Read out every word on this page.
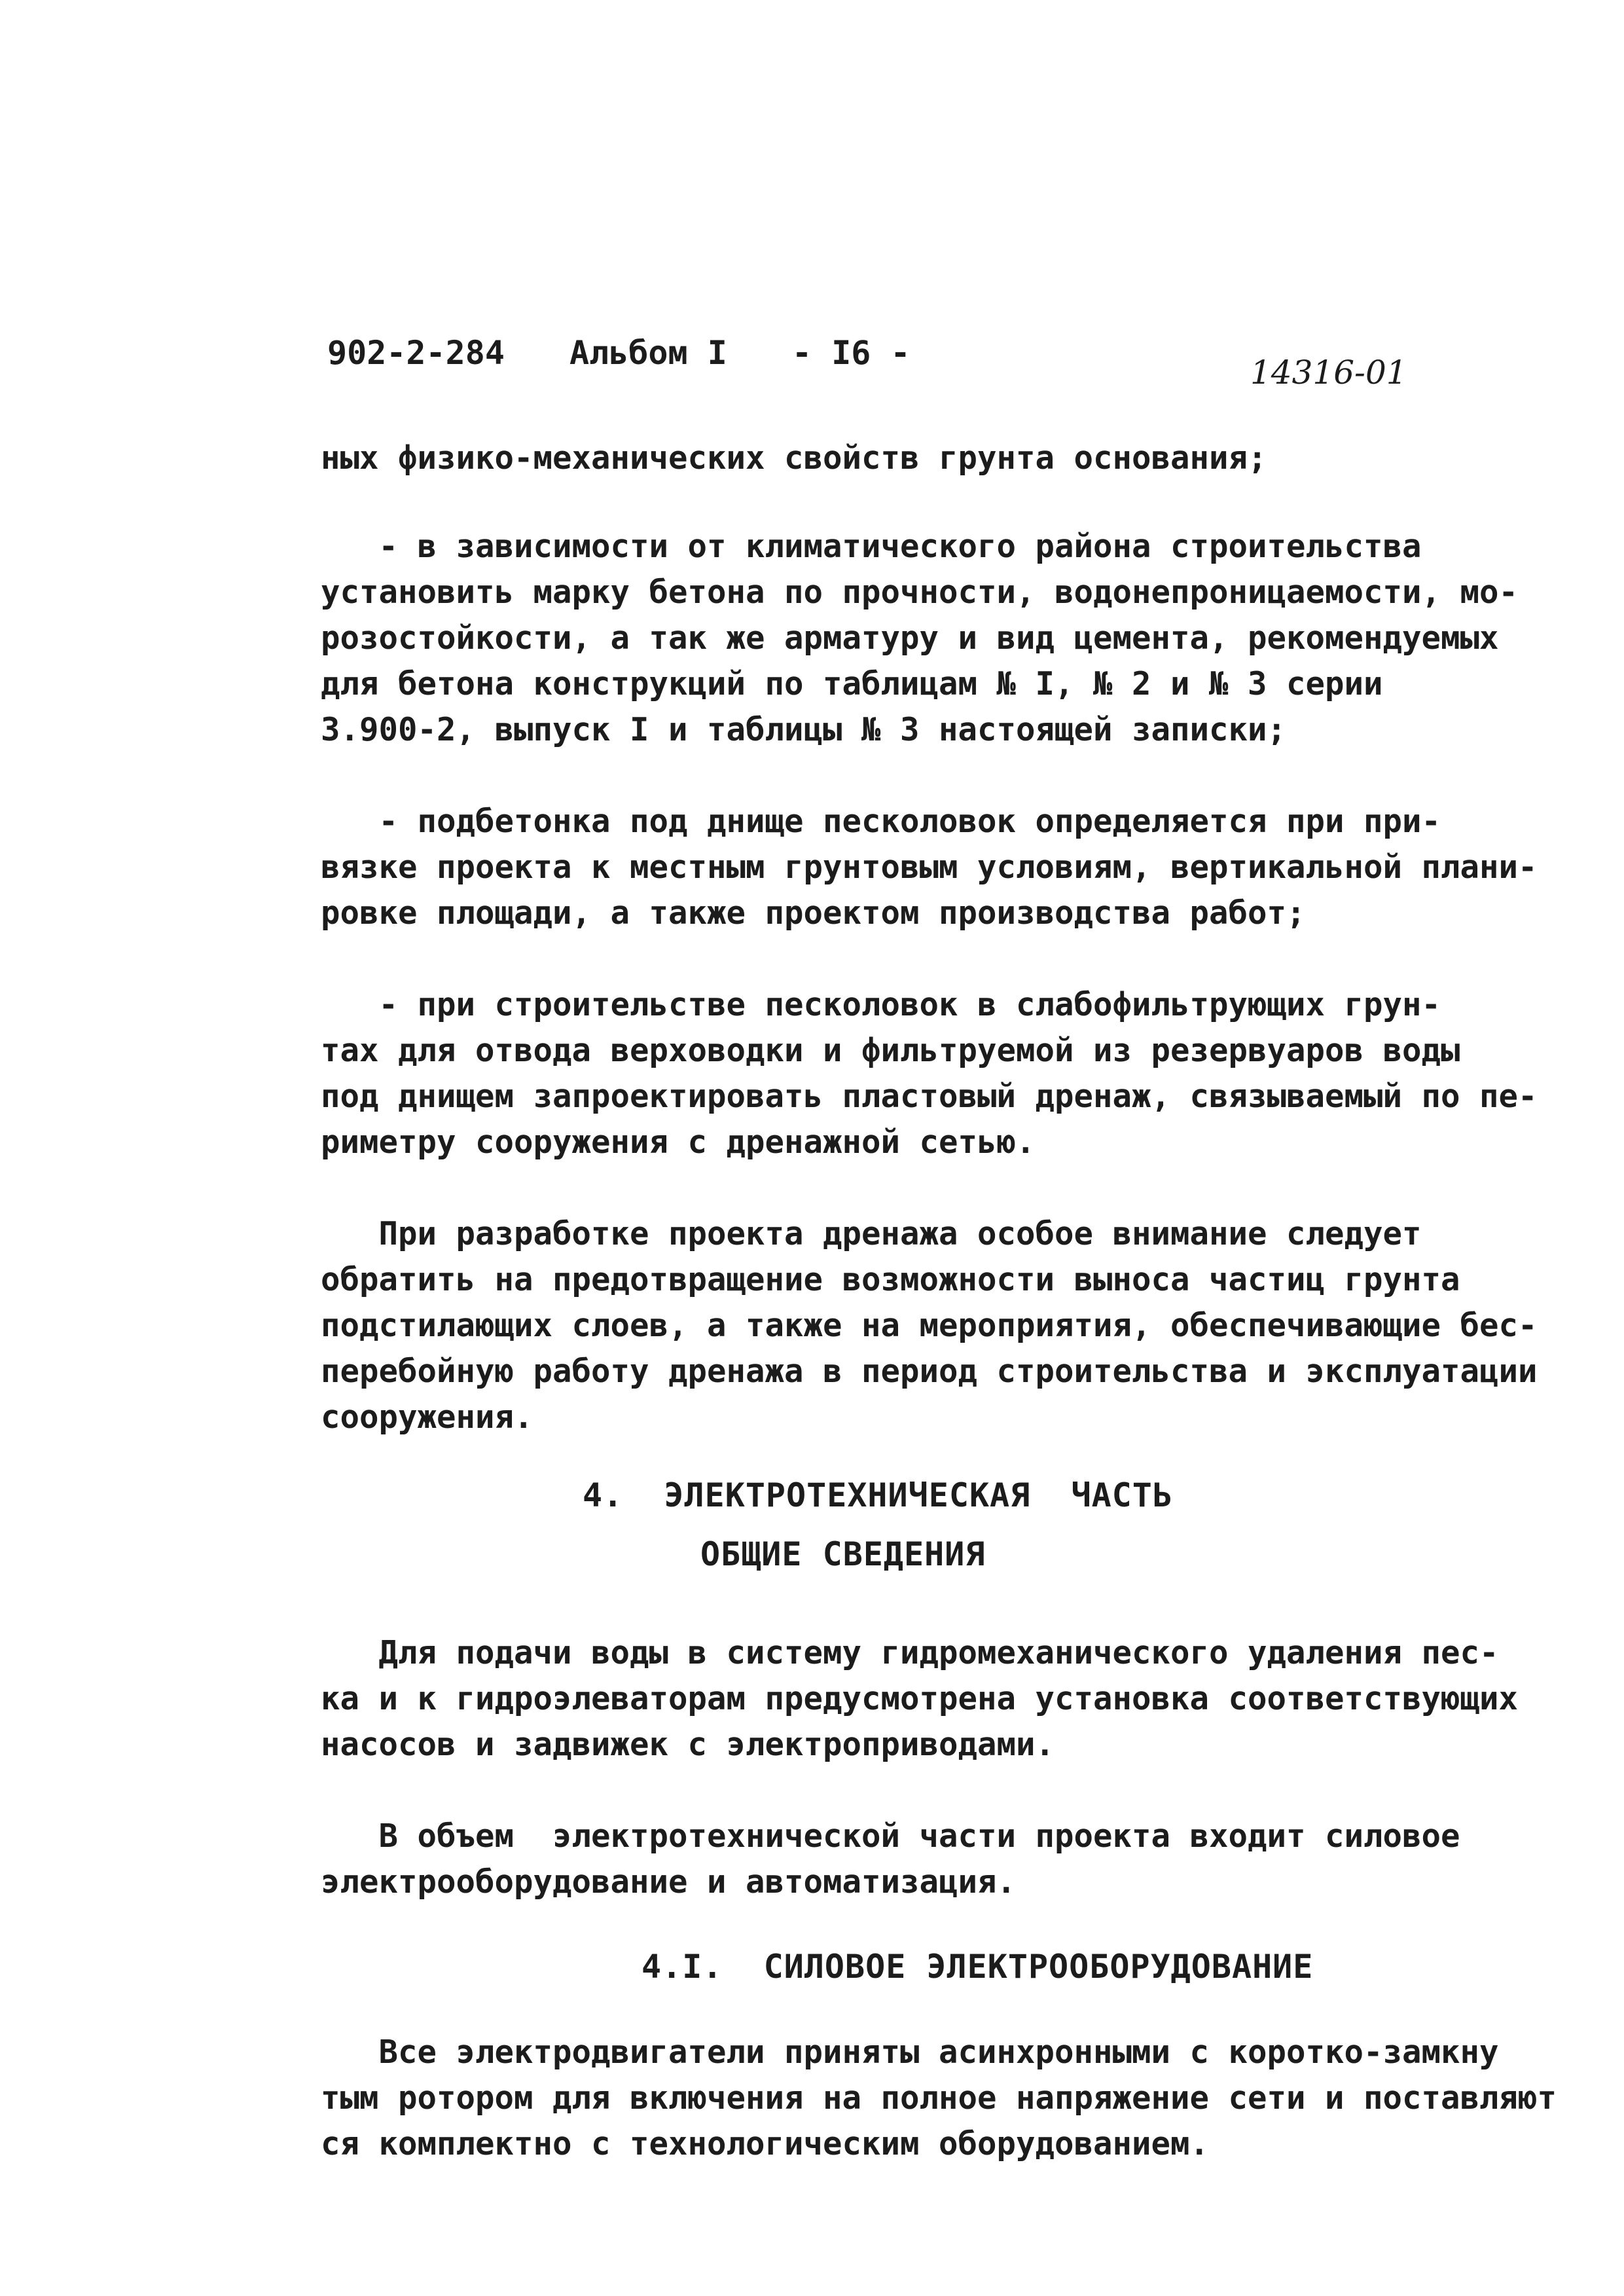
902-2-284 Альбом I - I6 -
14316-01
ных физико-механических свойств грунта основания;
- в зависимости от климатического района строительства
установить марку бетона по прочности, водонепроницаемости, мо-
розостойкости, а так же арматуру и вид цемента, рекомендуемых
для бетона конструкций по таблицам № I, № 2 и № 3 серии
3.900-2, выпуск I и таблицы № 3 настоящей записки;
- подбетонка под днище песколовок определяется при при-
вязке проекта к местным грунтовым условиям, вертикальной плани-
ровке площади, а также проектом производства работ;
- при строительстве песколовок в слабофильтрующих грун-
тах для отвода верховодки и фильтруемой из резервуаров воды
под днищем запроектировать пластовый дренаж, связываемый по пе-
риметру сооружения с дренажной сетью.
При разработке проекта дренажа особое внимание следует
обратить на предотвращение возможности выноса частиц грунта
подстилающих слоев, а также на мероприятия, обеспечивающие бес-
перебойную работу дренажа в период строительства и эксплуатации
сооружения.
4.  ЭЛЕКТРОТЕХНИЧЕСКАЯ  ЧАСТЬ
ОБЩИЕ СВЕДЕНИЯ
Для подачи воды в систему гидромеханического удаления пес-
ка и к гидроэлеваторам предусмотрена установка соответствующих
насосов и задвижек с электроприводами.
В объем  электротехнической части проекта входит силовое
электрооборудование и автоматизация.
4.I.  СИЛОВОЕ ЭЛЕКТРООБОРУДОВАНИЕ
Все электродвигатели приняты асинхронными с коротко-замкну
тым ротором для включения на полное напряжение сети и поставляют
ся комплектно с технологическим оборудованием.
